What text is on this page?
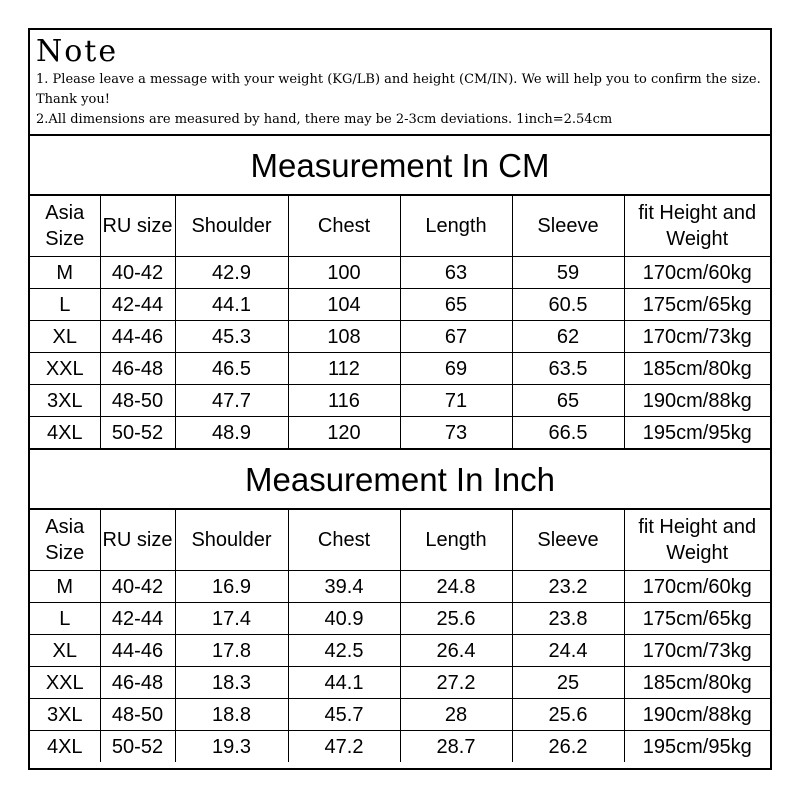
Note
1. Please leave a message with your weight (KG/LB) and height (CM/IN). We will help you to confirm the size. Thank you!
2.All dimensions are measured by hand, there may be 2-3cm deviations. 1inch=2.54cm
Measurement In CM
Asia Size	RU size	Shoulder	Chest	Length	Sleeve	fit Height and Weight
M	40-42	42.9	100	63	59	170cm/60kg
L	42-44	44.1	104	65	60.5	175cm/65kg
XL	44-46	45.3	108	67	62	170cm/73kg
XXL	46-48	46.5	112	69	63.5	185cm/80kg
3XL	48-50	47.7	116	71	65	190cm/88kg
4XL	50-52	48.9	120	73	66.5	195cm/95kg
Measurement In Inch
Asia Size	RU size	Shoulder	Chest	Length	Sleeve	fit Height and Weight
M	40-42	16.9	39.4	24.8	23.2	170cm/60kg
L	42-44	17.4	40.9	25.6	23.8	175cm/65kg
XL	44-46	17.8	42.5	26.4	24.4	170cm/73kg
XXL	46-48	18.3	44.1	27.2	25	185cm/80kg
3XL	48-50	18.8	45.7	28	25.6	190cm/88kg
4XL	50-52	19.3	47.2	28.7	26.2	195cm/95kg
